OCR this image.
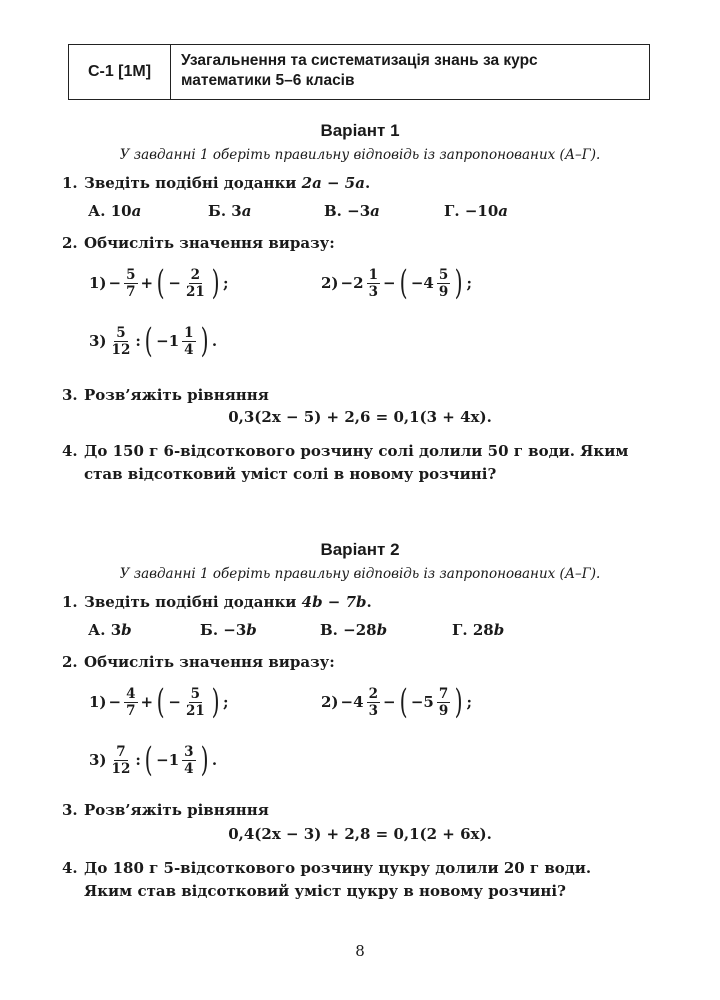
С-1 [1М]
Узагальнення та систематизація знань за курс
математики 5–6 класів
Варіант 1
У завданні 1 оберіть правильну відповідь із запропонованих (А–Г).
1. Зведіть подібні доданки 2a − 5a.
А. 10a	Б. 3a	В. −3a	Г. −10a
2. Обчисліть значення виразу:
$1) - \frac{5}{7}$ + ( − $\frac{2}{21}$ ) ;	$2) -2 \frac{1}{3}$ − ( $-4 \frac{5}{9}$ ) ;
$3) \frac{5}{12}$ : ( $-1 \frac{1}{4}$ ) .
3. Розв’яжіть рівняння
0,3(2x − 5) + 2,6 = 0,1(3 + 4x).
4. До 150 г 6-відсоткового розчину солі долили 50 г води. Яким
став відсотковий уміст солі в новому розчині?
Варіант 2
У завданні 1 оберіть правильну відповідь із запропонованих (А–Г).
1. Зведіть подібні доданки 4b − 7b.
А. 3b	Б. −3b	В. −28b	Г. 28b
2. Обчисліть значення виразу:
$1) - \frac{4}{7}$ + ( − $\frac{5}{21}$ ) ;	$2) -4 \frac{2}{3}$ − ( $-5 \frac{7}{9}$ ) ;
$3) \frac{7}{12}$ : ( $-1 \frac{3}{4}$ ) .
3. Розв’яжіть рівняння
0,4(2x − 3) + 2,8 = 0,1(2 + 6x).
4. До 180 г 5-відсоткового розчину цукру долили 20 г води.
Яким став відсотковий уміст цукру в новому розчині?
8
